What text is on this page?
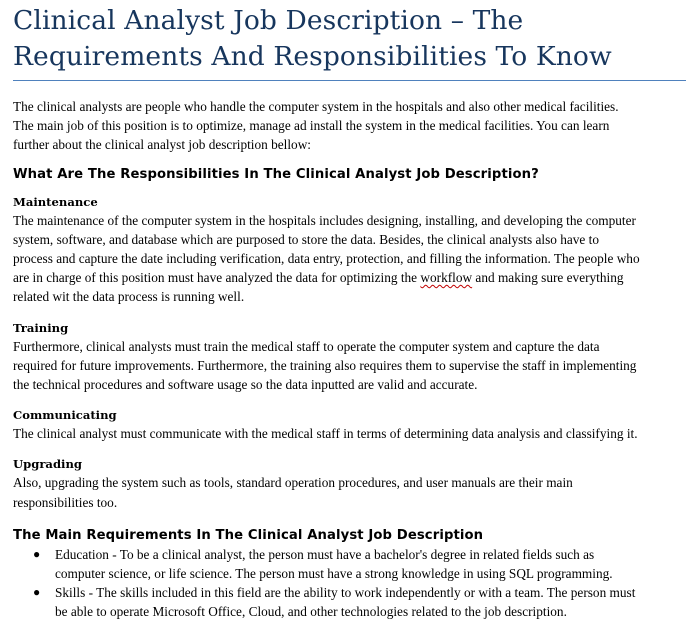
Clinical Analyst Job Description – The
Requirements And Responsibilities To Know

The clinical analysts are people who handle the computer system in the hospitals and also other medical facilities.
The main job of this position is to optimize, manage ad install the system in the medical facilities. You can learn
further about the clinical analyst job description bellow:

What Are The Responsibilities In The Clinical Analyst Job Description?
Maintenance

The maintenance of the computer system in the hospitals includes designing, installing, and developing the computer
system, software, and database which are purposed to store the data. Besides, the clinical analysts also have to
process and capture the date including verification, data entry, protection, and filling the information. The people who
are in charge of this position must have analyzed the data for optimizing the workflow and making sure everything
related wit the data process is running well.

Training

Furthermore, clinical analysts must train the medical staff to operate the computer system and capture the data
required for future improvements. Furthermore, the training also requires them to supervise the staff in implementing
the technical procedures and software usage so the data inputted are valid and accurate.

Communicating

The clinical analyst must communicate with the medical staff in terms of determining data analysis and classifying it.

Upgrading

Also, upgrading the system such as tools, standard operation procedures, and user manuals are their main
responsibilities too.

The Main Requirements In The Clinical Analyst Job Description
● Education - To be a clinical analyst, the person must have a bachelor's degree in related fields such as
computer science, or life science. The person must have a strong knowledge in using SQL programming.
● Skills - The skills included in this field are the ability to work independently or with a team. The person must
be able to operate Microsoft Office, Cloud, and other technologies related to the job description.
